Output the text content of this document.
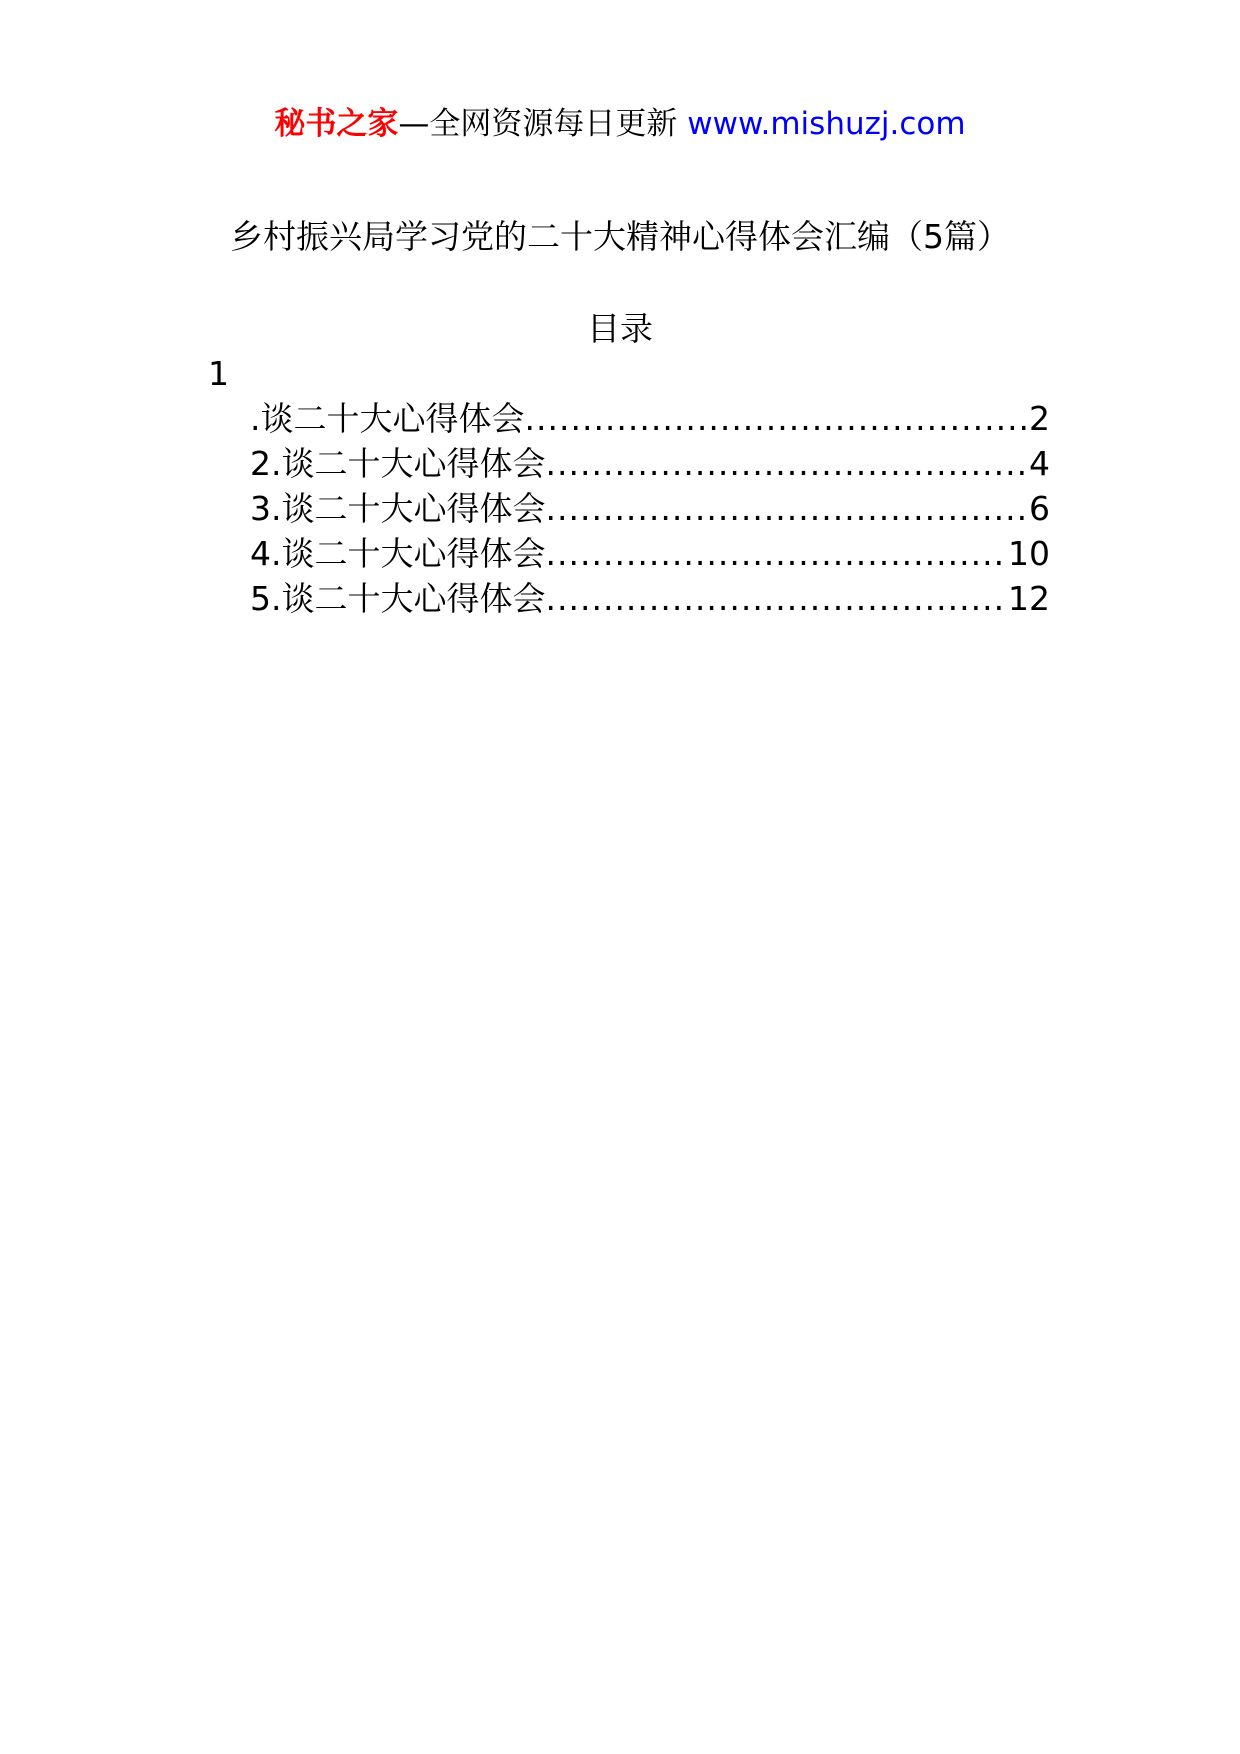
秘书之家—全网资源每日更新 www.mishuzj.com
乡村振兴局学习党的二十大精神心得体会汇编（5篇）
目录
1
.谈二十大心得体会 .....	2
2.谈二十大心得体会 .....	4
3.谈二十大心得体会 .....	6
4.谈二十大心得体会 .....	10
5.谈二十大心得体会 .....	12
